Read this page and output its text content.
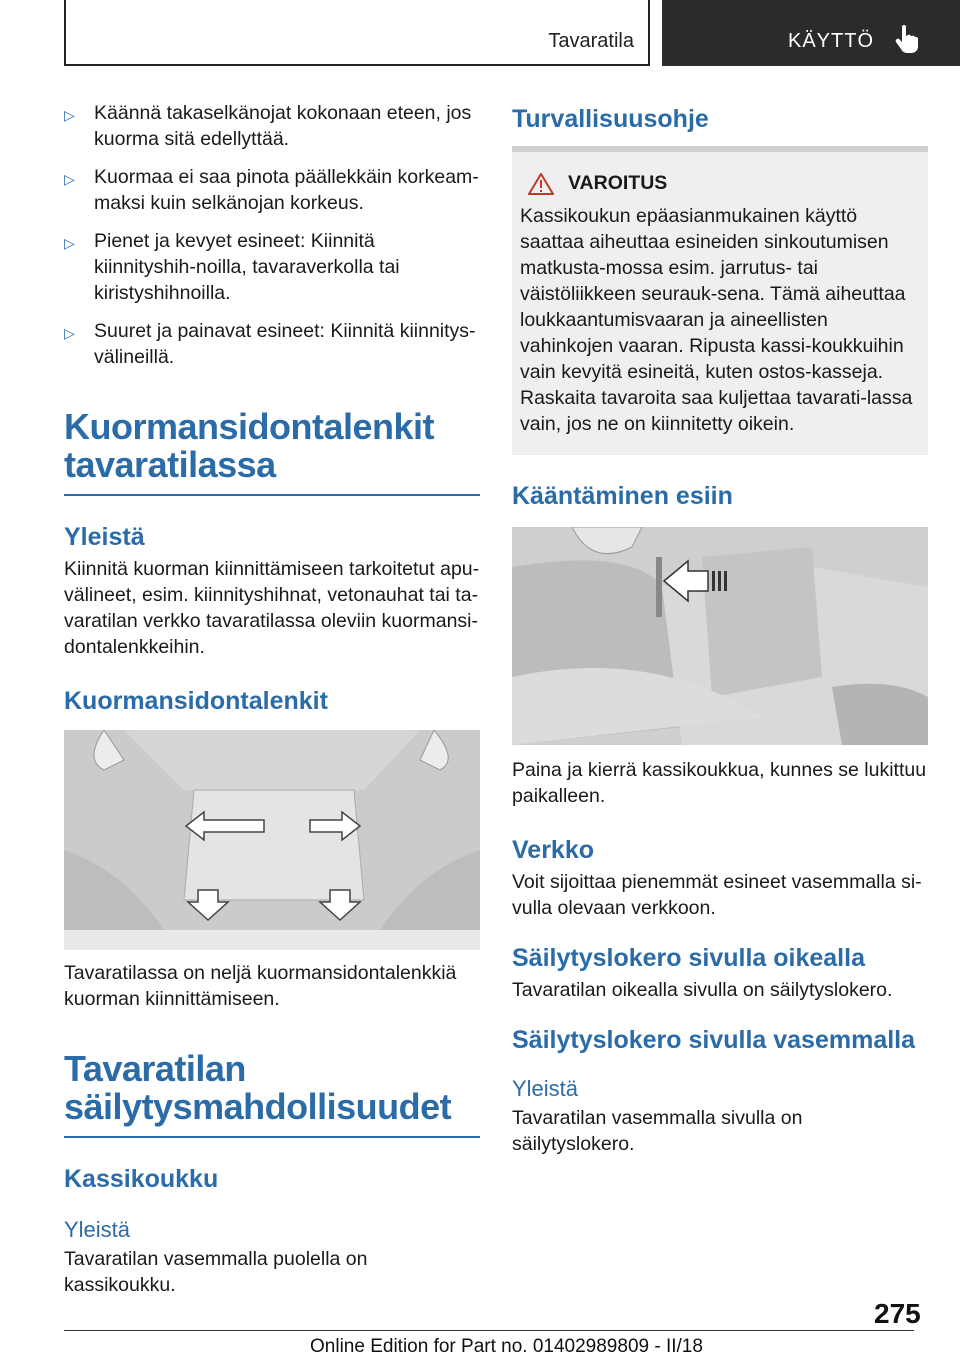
Tavaratila	KÄYTTÖ
▷ Käännä takaselkänojat kokonaan eteen, jos kuorma sitä edellyttää.
▷ Kuormaa ei saa pinota päällekkäin korkeam‐maksi kuin selkänojan korkeus.
▷ Pienet ja kevyet esineet: Kiinnitä kiinnityshih‐noilla, tavaraverkolla tai kiristyshihnoilla.
▷ Suuret ja painavat esineet: Kiinnitä kiinnitys‐välineillä.
Kuormansidontalenkit tavaratilassa
Yleistä
Kiinnitä kuorman kiinnittämiseen tarkoitetut apu‐välineet, esim. kiinnityshihnat, vetonauhat tai ta‐varatilan verkko tavaratilassa oleviin kuormansi‐dontalenkkeihin.
Kuormansidontalenkit
Tavaratilassa on neljä kuormansidontalenkkiä kuorman kiinnittämiseen.
Tavaratilan säilytysmahdollisuudet
Kassikoukku
Yleistä
Tavaratilan vasemmalla puolella on kassikoukku.
Turvallisuusohje
VAROITUS
Kassikoukun epäasianmukainen käyttö saattaa aiheuttaa esineiden sinkoutumisen matkusta‐mossa esim. jarrutus- tai väistöliikkeen seurauk‐sena. Tämä aiheuttaa loukkaantumisvaaran ja aineellisten vahinkojen vaaran. Ripusta kassi‐koukkuihin vain kevyitä esineitä, kuten ostos‐kasseja. Raskaita tavaroita saa kuljettaa tavarati‐lassa vain, jos ne on kiinnitetty oikein.
Kääntäminen esiin
Paina ja kierrä kassikoukkua, kunnes se lukittuu paikalleen.
Verkko
Voit sijoittaa pienemmät esineet vasemmalla si‐vulla olevaan verkkoon.
Säilytyslokero sivulla oikealla
Tavaratilan oikealla sivulla on säilytyslokero.
Säilytyslokero sivulla vasemmalla
Yleistä
Tavaratilan vasemmalla sivulla on säilytyslokero.
275
Online Edition for Part no. 01402989809 - II/18
